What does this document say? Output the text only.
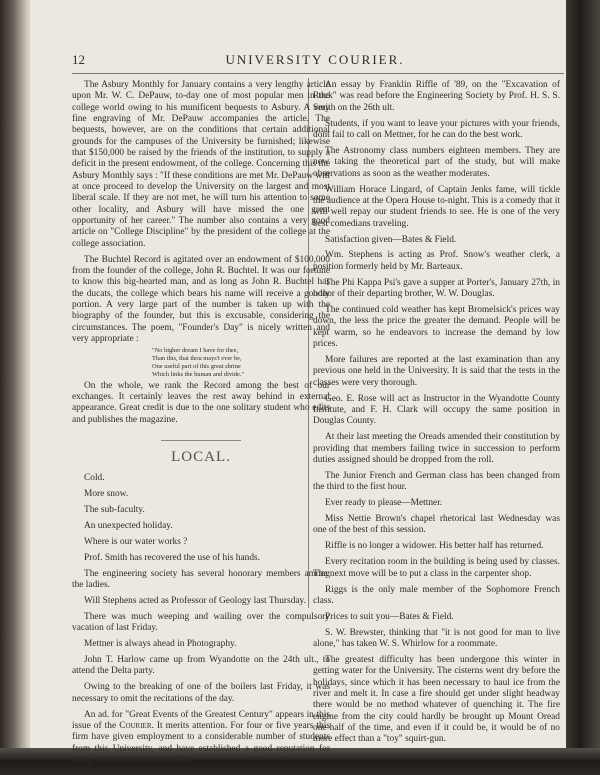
12	UNIVERSITY COURIER.

The Asbury Monthly for January contains a very lengthy article upon Mr. W. C. DePauw, to-day one of most popular men in the college world owing to his munificent bequests to Asbury. A very fine engraving of Mr. DePauw accompanies the article. The bequests, however, are on the conditions that certain additional grounds for the campuses of the University be furnished; likewise that $150,000 be raised by the friends of the institution, to supply a deficit in the present endowment, of the college. Concerning this the Asbury Monthly says : "If these conditions are met Mr. DePauw will at once proceed to develop the University on the largest and most liberal scale. If they are not met, he will turn his attention to some other locality, and Asbury will have missed the one great opportunity of her career." The number also contains a very good article on "College Discipline" by the president of the college at the college association.

The Buchtel Record is agitated over an endowment of $100,000 from the founder of the college, John R. Buchtel. It was our fortune to know this big-hearted man, and as long as John R. Buchtel has the ducats, the college which bears his name will receive a goodly portion. A very large part of the number is taken up with the biography of the founder, but this is excusable, considering the circumstances. The poem, "Founder's Day" is nicely written and very appropriate :

"No higher dream I have for thee,
Than this, that thou mays't ever be,
One useful part of this great shrine
Which links the human and divide."

On the whole, we rank the Record among the best of our exchanges. It certainly leaves the rest away behind in external appearance. Great credit is due to the one solitary student who edits and publishes the magazine.

LOCAL.

Cold.

More snow.

The sub-faculty.

An unexpected holiday.

Where is our water works ?

Prof. Smith has recovered the use of his hands.

The engineering society has several honorary members among the ladies.

Will Stephens acted as Professor of Geology last Thursday.

There was much weeping and wailing over the compulsory vacation of last Friday.

Mettner is always ahead in Photography.

John T. Harlow came up from Wyandotte on the 24th ult., to attend the Delta party.

Owing to the breaking of one of the boilers last Friday, it was necessary to omit the recitations of the day.

An ad. for "Great Events of the Greatest Century" appears in this issue of the Courier. It merits attention. For four or five years this firm have given employment to a considerable number of students from this University, and have established a good reputation for being reliable and business-like.

An essay by Franklin Riffle of '89, on the "Excavation of Rock" was read before the Engineering Society by Prof. H. S. S. Smith on the 26th ult.

Students, if you want to leave your pictures with your friends, dont fail to call on Mettner, for he can do the best work.

The Astronomy class numbers eighteen members. They are now taking the theoretical part of the study, but will make observations as soon as the weather moderates.

William Horace Lingard, of Captain Jenks fame, will tickle the audience at the Opera House to-night. This is a comedy that it will well repay our student friends to see. He is one of the very best comedians traveling.

Satisfaction given—Bates & Field.

Wm. Stephens is acting as Prof. Snow's weather clerk, a position formerly held by Mr. Barteaux.

The Phi Kappa Psi's gave a supper at Porter's, January 27th, in honor of their departing brother, W. W. Douglas.

The continued cold weather has kept Bromelsick's prices way down, the less the price the greater the demand. People will be kept warm, so he endeavors to increase the demand by low prices.

More failures are reported at the last examination than any previous one held in the University. It is said that the tests in the classes were very thorough.

Geo. E. Rose will act as Instructor in the Wyandotte County Institute, and F. H. Clark will occupy the same position in Douglas County.

At their last meeting the Oreads amended their constitution by providing that members failing twice in succession to perform duties assigned should be dropped from the roll.

The Junior French and German class has been changed from the third to the first hour.

Ever ready to please—Mettner.

Miss Nettie Brown's chapel rhetorical last Wednesday was one of the best of this session.

Riffle is no longer a widower. His better half has returned.

Every recitation room in the building is being used by classes. The next move will be to put a class in the carpenter shop.

Riggs is the only male member of the Sophomore French class.

Prices to suit you—Bates & Field.

S. W. Brewster, thinking that "it is not good for man to live alone," has taken W. S. Whirlow for a roommate.

The greatest difficulty has been undergone this winter in getting water for the University. The cisterns went dry before the holidays, since which it has been necessary to haul ice from the river and melt it. In case a fire should get under slight headway there would be no method whatever of quenching it. The fire engine from the city could hardly be brought up Mount Oread one-half of the time, and even if it could be, it would be of no more effect than a "toy" squirt-gun.
